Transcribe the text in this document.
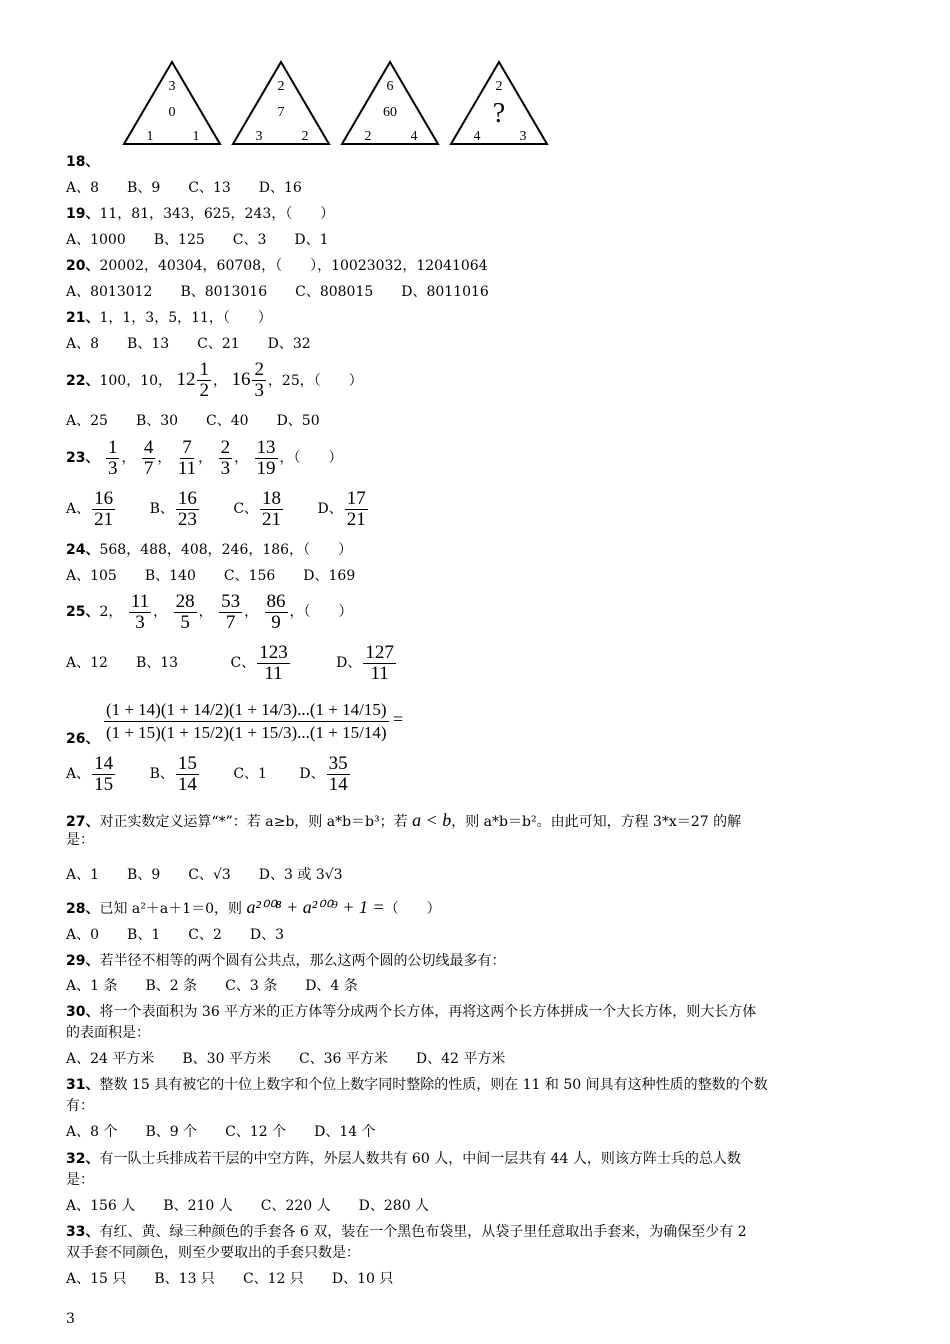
3
0
1	1
2
7
3	2
6
60
2	4
2
?
4	3
18、
A、8 B、9 C、13 D、16
19、11，81，343，625，243，（　　）
A、1000 B、125 C、3 D、1
20、20002，40304，60708，（　　），10023032，12041064
A、8013012 B、8013016 C、808015 D、8011016
21、1，1，3，5，11，（　　）
A、8 B、13 C、21 D、32
22、100，10， $12 \frac{1}{2}$ ， $16 \frac{2}{3}$ ，25，（　　）
A、25 B、30 C、40 D、50
23、 $\frac{1}{3}$ ， $\frac{4}{7}$ ， $\frac{7}{11}$ ， $\frac{2}{3}$ ， $\frac{13}{19}$ ，（　　）
A、 $\frac{16}{21}$ B、 $\frac{16}{23}$ C、 $\frac{18}{21}$ D、 $\frac{17}{21}$
24、568，488，408，246，186，（　　）
A、105 B、140 C、156 D、169
25、2， $\frac{11}{3}$ ， $\frac{28}{5}$ ， $\frac{53}{7}$ ， $\frac{86}{9}$ ，（　　）
A、12 B、13	C、 $\frac{123}{11}$	D、 $\frac{127}{11}$
26、 $\frac{(1 + 14)(1 + 14/2)(1 + 14/3)...(1 + 14/15)}{(1 + 15)(1 + 15/2)(1 + 15/3)...(1 + 15/14)}$ =
A、 $\frac{14}{15}$ B、 $\frac{15}{14}$ C、1 D、 $\frac{35}{14}$
27、对正实数定义运算“*”：若 a≥b，则 a*b＝b³；若 a < b，则 a*b＝b²。由此可知，方程 3*x＝27 的解
是：
A、1 B、9 C、√3 D、3 或 3√3
28、已知 a²＋a＋1＝0，则 a²⁰⁰⁸ + a²⁰⁰⁹ + 1 =（　　）
A、0 B、1 C、2 D、3
29、若半径不相等的两个圆有公共点，那么这两个圆的公切线最多有：
A、1 条 B、2 条 C、3 条 D、4 条
30、将一个表面积为 36 平方米的正方体等分成两个长方体，再将这两个长方体拼成一个大长方体，则大长方体
的表面积是：
A、24 平方米 B、30 平方米 C、36 平方米 D、42 平方米
31、整数 15 具有被它的十位上数字和个位上数字同时整除的性质，则在 11 和 50 间具有这种性质的整数的个数
有：
A、8 个 B、9 个 C、12 个 D、14 个
32、有一队士兵排成若干层的中空方阵，外层人数共有 60 人，中间一层共有 44 人，则该方阵士兵的总人数
是：
A、156 人 B、210 人 C、220 人 D、280 人
33、有红、黄、绿三种颜色的手套各 6 双，装在一个黑色布袋里，从袋子里任意取出手套来，为确保至少有 2
双手套不同颜色，则至少要取出的手套只数是：
A、15 只 B、13 只 C、12 只 D、10 只
3
